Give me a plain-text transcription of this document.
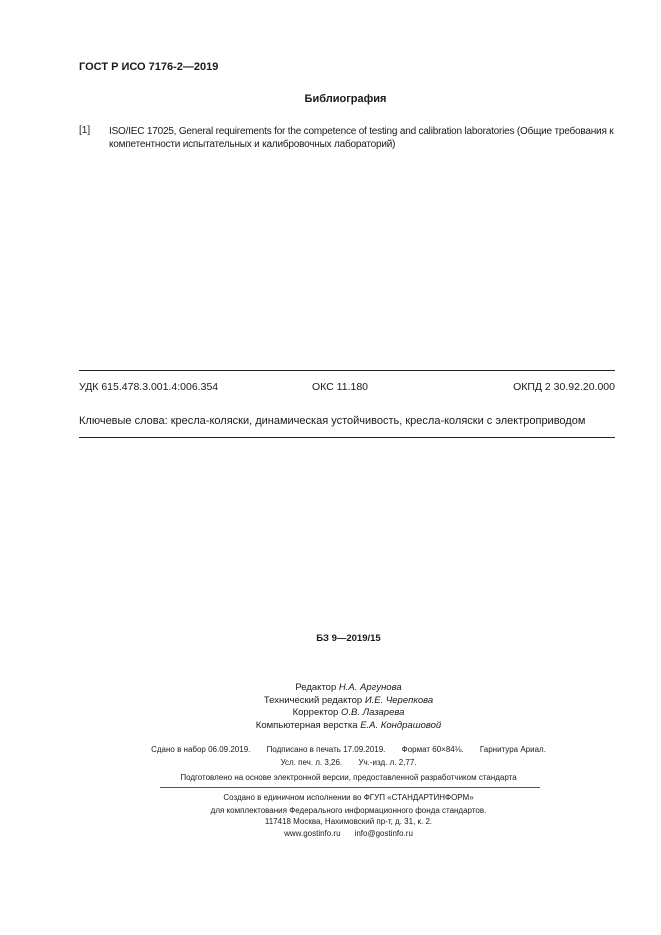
ГОСТ Р ИСО 7176-2—2019
Библиография
[1] ISO/IEC 17025, General requirements for the competence of testing and calibration laboratories (Общие требования к компетентности испытательных и калибровочных лабораторий)
УДК 615.478.3.001.4:006.354	ОКС 11.180	ОКПД 2 30.92.20.000
Ключевые слова: кресла-коляски, динамическая устойчивость, кресла-коляски с электроприводом
БЗ 9—2019/15
Редактор Н.А. Аргунова
Технический редактор И.Е. Черепкова
Корректор О.В. Лазарева
Компьютерная верстка Е.А. Кондрашовой
Сдано в набор 06.09.2019. Подписано в печать 17.09.2019. Формат 60×84⅛. Гарнитура Ариал.
Усл. печ. л. 3,26. Уч.-изд. л. 2,77.
Подготовлено на основе электронной версии, предоставленной разработчиком стандарта
Создано в единичном исполнении во ФГУП «СТАНДАРТИНФОРМ»
для комплектования Федерального информационного фонда стандартов.
117418 Москва, Нахимовский пр-т, д. 31, к. 2.
www.gostinfo.ru info@gostinfo.ru
